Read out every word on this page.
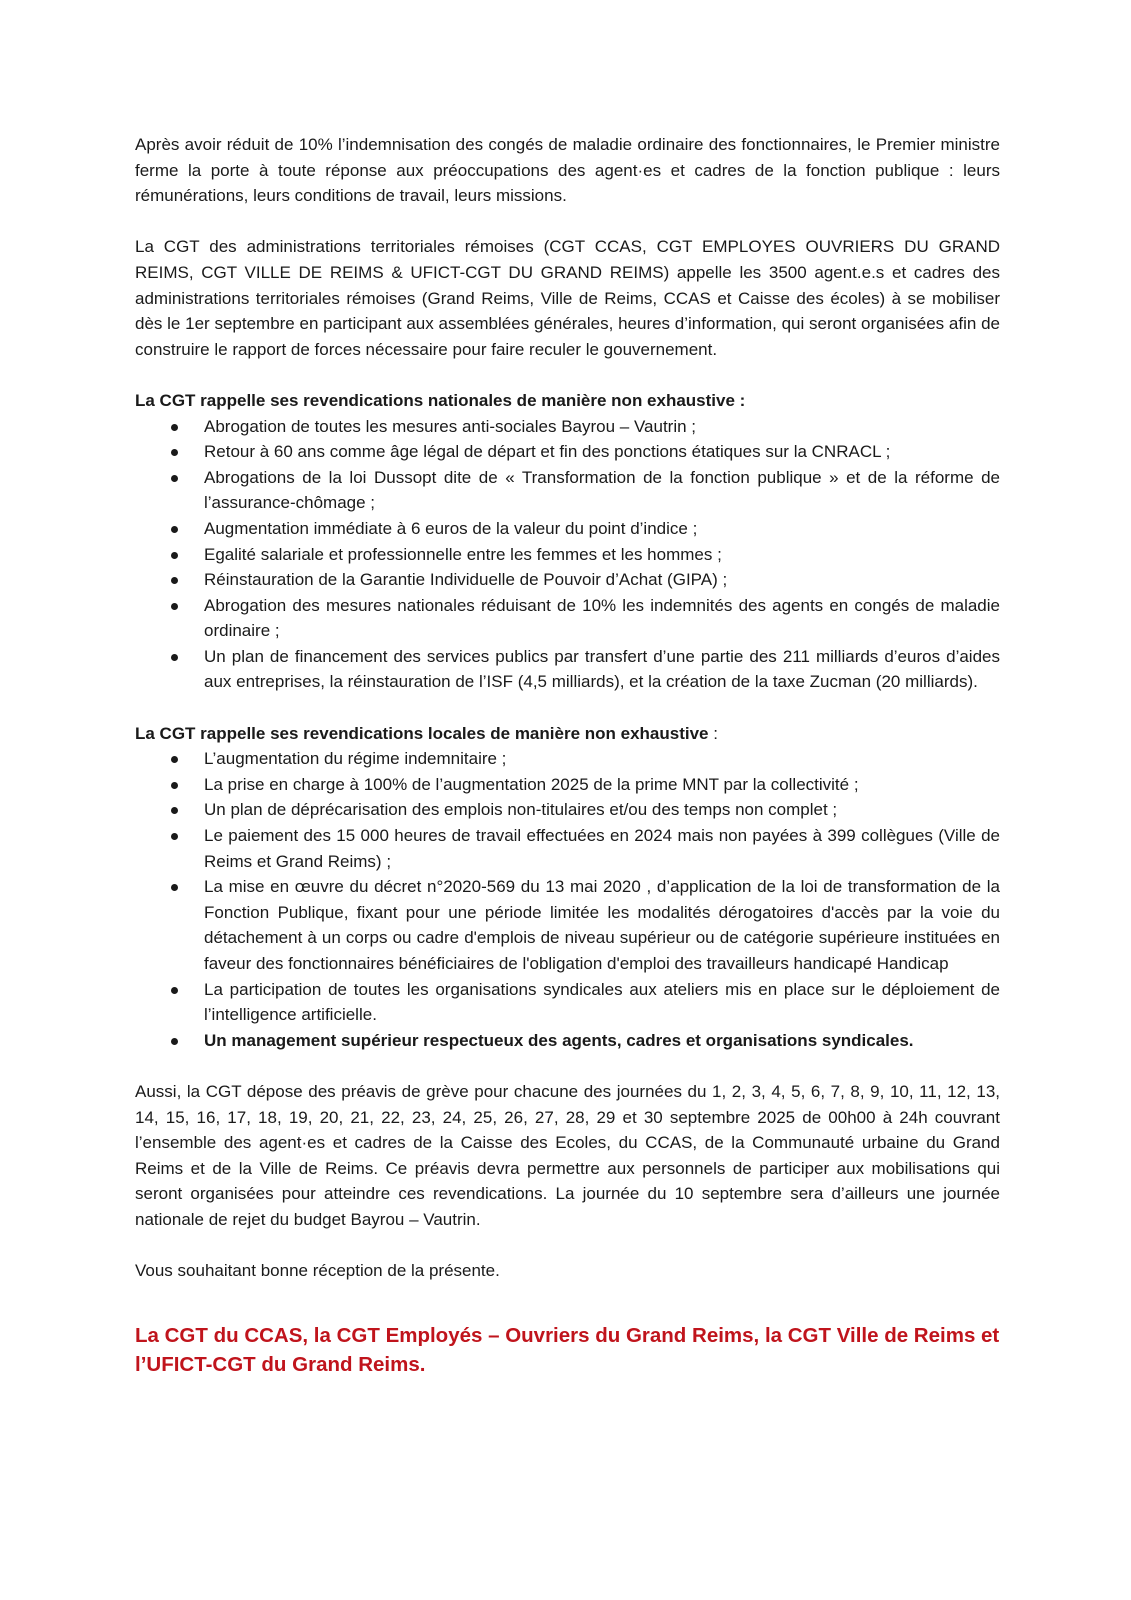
Après avoir réduit de 10% l’indemnisation des congés de maladie ordinaire des fonctionnaires, le Premier ministre ferme la porte à toute réponse aux préoccupations des agent·es et cadres de la fonction publique : leurs rémunérations, leurs conditions de travail, leurs missions.

La CGT des administrations territoriales rémoises (CGT CCAS, CGT EMPLOYES OUVRIERS DU GRAND REIMS, CGT VILLE DE REIMS & UFICT-CGT DU GRAND REIMS) appelle les 3500 agent.e.s et cadres des administrations territoriales rémoises (Grand Reims, Ville de Reims, CCAS et Caisse des écoles) à se mobiliser dès le 1er septembre en participant aux assemblées générales, heures d’information, qui seront organisées afin de construire le rapport de forces nécessaire pour faire reculer le gouvernement.

La CGT rappelle ses revendications nationales de manière non exhaustive :

Abrogation de toutes les mesures anti-sociales Bayrou – Vautrin ;
Retour à 60 ans comme âge légal de départ et fin des ponctions étatiques sur la CNRACL ;
Abrogations de la loi Dussopt dite de « Transformation de la fonction publique » et de la réforme de l’assurance-chômage ;
Augmentation immédiate à 6 euros de la valeur du point d’indice ;
Egalité salariale et professionnelle entre les femmes et les hommes ;
Réinstauration de la Garantie Individuelle de Pouvoir d’Achat (GIPA) ;
Abrogation des mesures nationales réduisant de 10% les indemnités des agents en congés de maladie ordinaire ;
Un plan de financement des services publics par transfert d’une partie des 211 milliards d’euros d’aides aux entreprises, la réinstauration de l’ISF (4,5 milliards), et la création de la taxe Zucman (20 milliards).

La CGT rappelle ses revendications locales de manière non exhaustive :

L’augmentation du régime indemnitaire ;
La prise en charge à 100% de l’augmentation 2025 de la prime MNT par la collectivité ;
Un plan de déprécarisation des emplois non-titulaires et/ou des temps non complet ;
Le paiement des 15 000 heures de travail effectuées en 2024 mais non payées à 399 collègues (Ville de Reims et Grand Reims) ;
La mise en œuvre du décret n°2020-569 du 13 mai 2020 , d’application de la loi de transformation de la Fonction Publique, fixant pour une période limitée les modalités dérogatoires d'accès par la voie du détachement à un corps ou cadre d'emplois de niveau supérieur ou de catégorie supérieure instituées en faveur des fonctionnaires bénéficiaires de l'obligation d'emploi des travailleurs handicapé Handicap
La participation de toutes les organisations syndicales aux ateliers mis en place sur le déploiement de l’intelligence artificielle.
Un management supérieur respectueux des agents, cadres et organisations syndicales.

Aussi, la CGT dépose des préavis de grève pour chacune des journées du 1, 2, 3, 4, 5, 6, 7, 8, 9, 10, 11, 12, 13, 14, 15, 16, 17, 18, 19, 20, 21, 22, 23, 24, 25, 26, 27, 28, 29 et 30 septembre 2025 de 00h00 à 24h couvrant l’ensemble des agent·es et cadres de la Caisse des Ecoles, du CCAS, de la Communauté urbaine du Grand Reims et de la Ville de Reims. Ce préavis devra permettre aux personnels de participer aux mobilisations qui seront organisées pour atteindre ces revendications. La journée du 10 septembre sera d’ailleurs une journée nationale de rejet du budget Bayrou – Vautrin.

Vous souhaitant bonne réception de la présente.

La CGT du CCAS, la CGT Employés – Ouvriers du Grand Reims, la CGT Ville de Reims et l’UFICT-CGT du Grand Reims.
